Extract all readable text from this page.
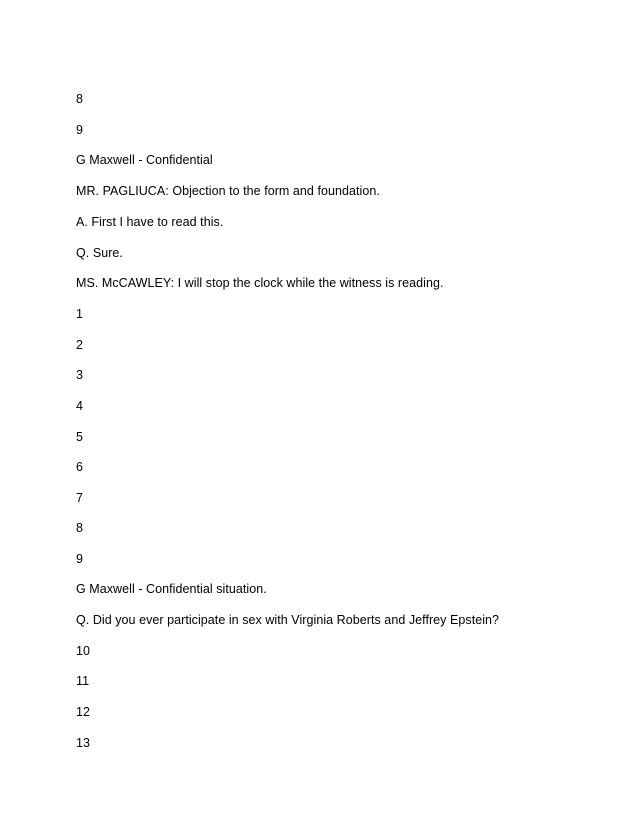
8
9
G Maxwell - Confidential
MR. PAGLIUCA: Objection to the form and foundation.
A. First I have to read this.
Q. Sure.
MS. McCAWLEY: I will stop the clock while the witness is reading.
1
2
3
4
5
6
7
8
9
G Maxwell - Confidential situation.
Q. Did you ever participate in sex with Virginia Roberts and Jeffrey Epstein?
10
11
12
13
